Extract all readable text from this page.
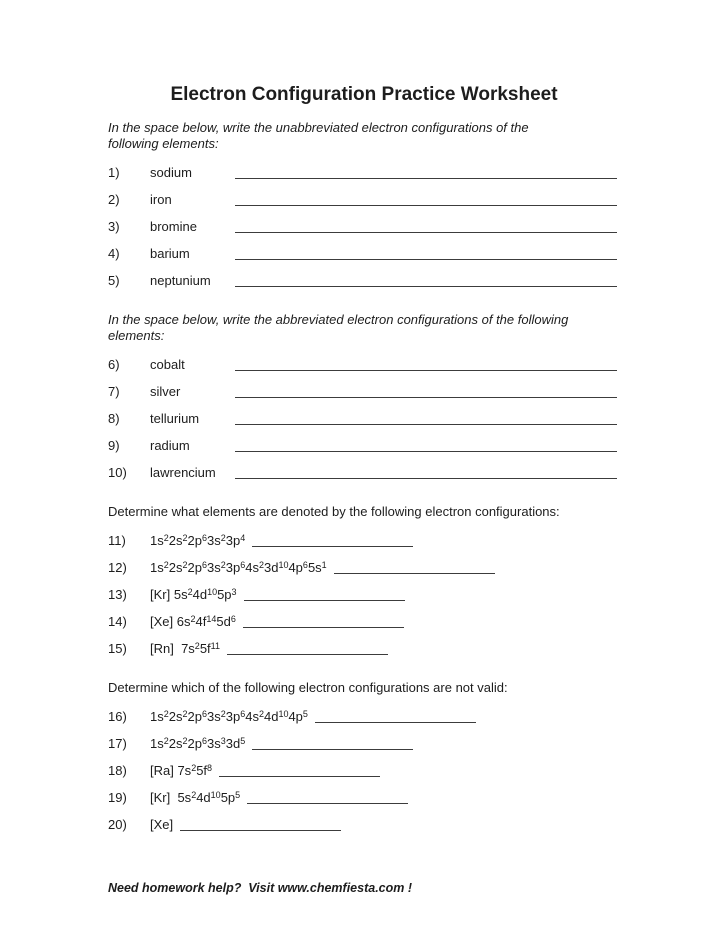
Electron Configuration Practice Worksheet
In the space below, write the unabbreviated electron configurations of the
following elements:
1)	sodium
2)	iron
3)	bromine
4)	barium
5)	neptunium
In the space below, write the abbreviated electron configurations of the following
elements:
6)	cobalt
7)	silver
8)	tellurium
9)	radium
10)	lawrencium
Determine what elements are denoted by the following electron configurations:
11)	$1s^22s^22p^63s^23p^4$
12)	$1s^22s^22p^63s^23p^64s^23d^{10}4p^65s^1$
13)	[Kr] $5s^24d^{10}5p^3$
14)	[Xe] $6s^24f^{14}5d^6$
15)	[Rn]  $7s^25f^{11}$
Determine which of the following electron configurations are not valid:
16)	$1s^22s^22p^63s^23p^64s^24d^{10}4p^5$
17)	$1s^22s^22p^63s^33d^5$
18)	[Ra] $7s^25f^8$
19)	[Kr]  $5s^24d^{10}5p^5$
20)	[Xe]
Need homework help?  Visit www.chemfiesta.com !
